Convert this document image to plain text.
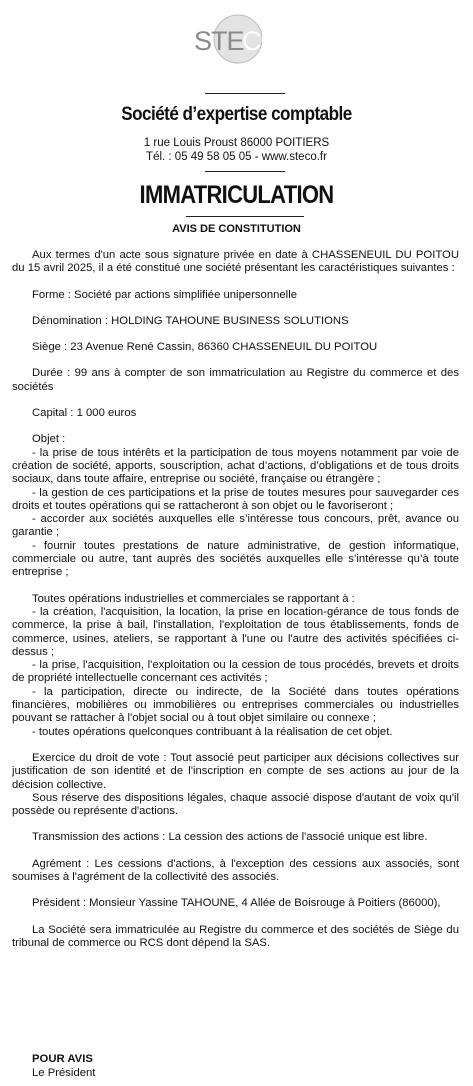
STE
CO
Société d’expertise comptable
1 rue Louis Proust 86000 POITIERS
Tél. : 05 49 58 05 05 - www.steco.fr
IMMATRICULATION
AVIS DE CONSTITUTION

Aux termes d'un acte sous signature privée en date à CHASSENEUIL DU POITOU du 15 avril 2025, il a été constitué une société présentant les caractéristiques suivantes :

Forme : Société par actions simplifiée unipersonnelle

Dénomination : HOLDING TAHOUNE BUSINESS SOLUTIONS

Siège : 23 Avenue René Cassin, 86360 CHASSENEUIL DU POITOU

Durée : 99 ans à compter de son immatriculation au Registre du commerce et des sociétés

Capital : 1 000 euros

Objet :

- la prise de tous intérêts et la participation de tous moyens notamment par voie de création de société, apports, souscription, achat d’actions, d’obligations et de tous droits sociaux, dans toute affaire, entreprise ou société, française ou étrangère ;

- la gestion de ces participations et la prise de toutes mesures pour sauvegarder ces droits et toutes opérations qui se rattacheront à son objet ou le favoriseront ;

- accorder aux sociétés auxquelles elle s’intéresse tous concours, prêt, avance ou garantie ;

- fournir toutes prestations de nature administrative, de gestion informatique, commerciale ou autre, tant auprès des sociétés auxquelles elle s’intéresse qu’à toute entreprise ;

Toutes opérations industrielles et commerciales se rapportant à :

- la création, l'acquisition, la location, la prise en location-gérance de tous fonds de commerce, la prise à bail, l'installation, l'exploitation de tous établissements, fonds de commerce, usines, ateliers, se rapportant à l'une ou l'autre des activités spécifiées ci-dessus ;

- la prise, l'acquisition, l'exploitation ou la cession de tous procédés, brevets et droits de propriété intellectuelle concernant ces activités ;

- la participation, directe ou indirecte, de la Société dans toutes opérations financières, mobilières ou immobilières ou entreprises commerciales ou industrielles pouvant se rattacher à l'objet social ou à tout objet similaire ou connexe ;

- toutes opérations quelconques contribuant à la réalisation de cet objet.

Exercice du droit de vote : Tout associé peut participer aux décisions collectives sur justification de son identité et de l'inscription en compte de ses actions au jour de la décision collective.

Sous réserve des dispositions légales, chaque associé dispose d'autant de voix qu'il possède ou représente d'actions.

Transmission des actions : La cession des actions de l'associé unique est libre.

Agrément : Les cessions d'actions, à l'exception des cessions aux associés, sont soumises à l'agrément de la collectivité des associés.

Président : Monsieur Yassine TAHOUNE, 4 Allée de Boisrouge à Poitiers (86000),

La Société sera immatriculée au Registre du commerce et des sociétés de Siège du tribunal de commerce ou RCS dont dépend la SAS.

POUR AVIS
Le Président
